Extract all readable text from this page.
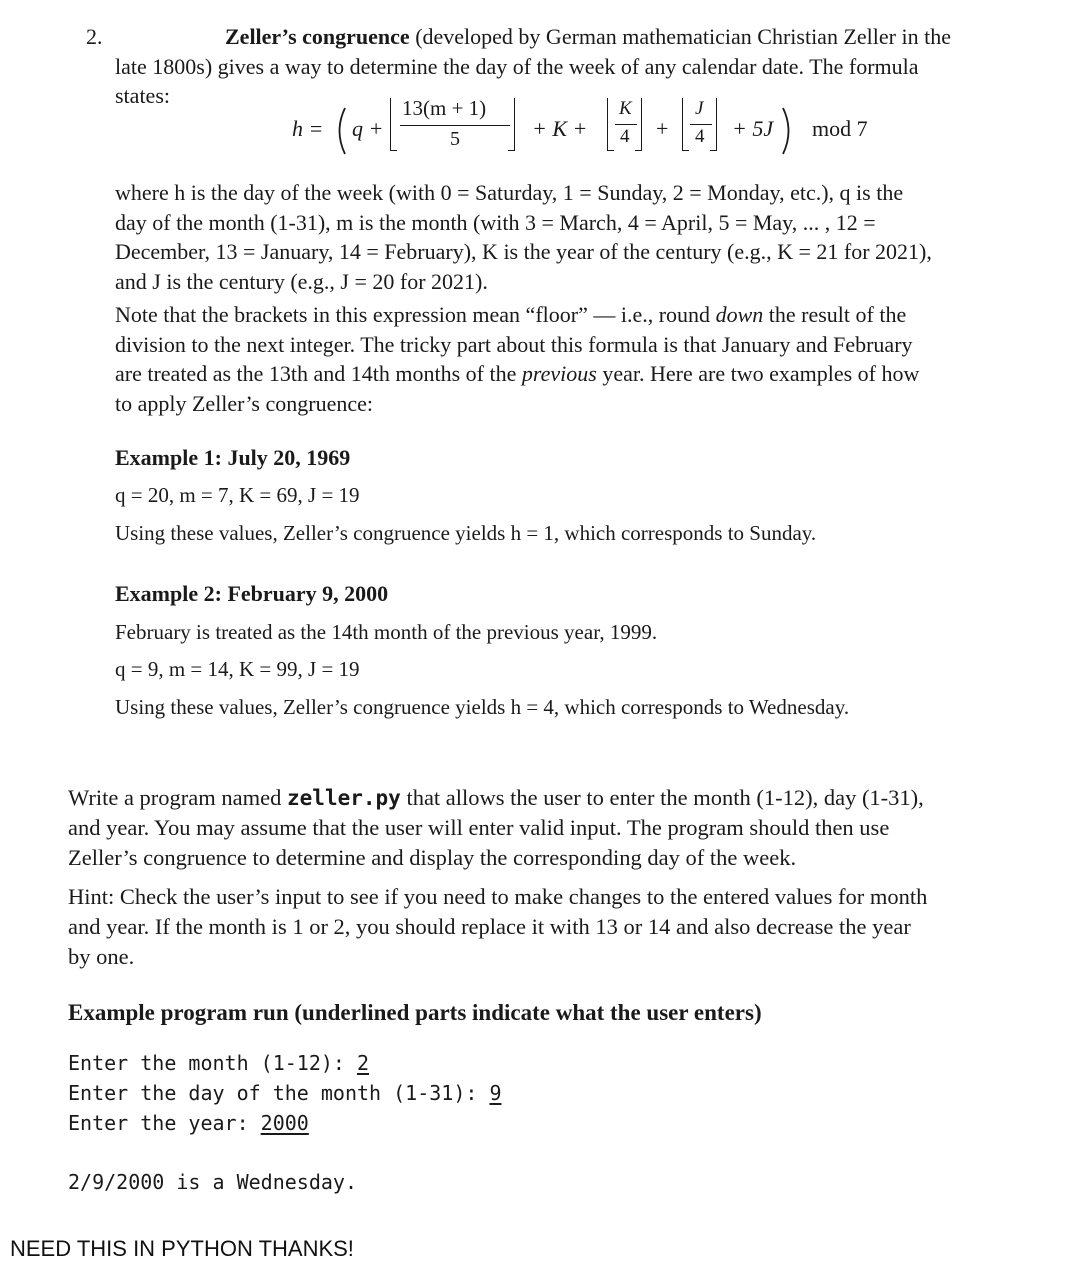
2.	Zeller’s congruence (developed by German mathematician Christian Zeller in the
late 1800s) gives a way to determine the day of the week of any calendar date. The formula
states:
h = q +
13(m + 1)
5	+ K +
K
4 +
J
4 + 5J mod 7
where h is the day of the week (with 0 = Saturday, 1 = Sunday, 2 = Monday, etc.), q is the
day of the month (1-31), m is the month (with 3 = March, 4 = April, 5 = May, ... , 12 =
December, 13 = January, 14 = February), K is the year of the century (e.g., K = 21 for 2021),
and J is the century (e.g., J = 20 for 2021).
Note that the brackets in this expression mean “floor” — i.e., round down the result of the
division to the next integer. The tricky part about this formula is that January and February
are treated as the 13th and 14th months of the previous year. Here are two examples of how
to apply Zeller’s congruence:
Example 1: July 20, 1969
q = 20, m = 7, K = 69, J = 19
Using these values, Zeller’s congruence yields h = 1, which corresponds to Sunday.
Example 2: February 9, 2000
February is treated as the 14th month of the previous year, 1999.
q = 9, m = 14, K = 99, J = 19
Using these values, Zeller’s congruence yields h = 4, which corresponds to Wednesday.
Write a program named zeller.py that allows the user to enter the month (1-12), day (1-31),
and year. You may assume that the user will enter valid input. The program should then use
Zeller’s congruence to determine and display the corresponding day of the week.
Hint: Check the user’s input to see if you need to make changes to the entered values for month
and year. If the month is 1 or 2, you should replace it with 13 or 14 and also decrease the year
by one.
Example program run (underlined parts indicate what the user enters)
Enter the month (1-12): 2
Enter the day of the month (1-31): 9
Enter the year: 2000
2/9/2000 is a Wednesday.
NEED THIS IN PYTHON THANKS!
